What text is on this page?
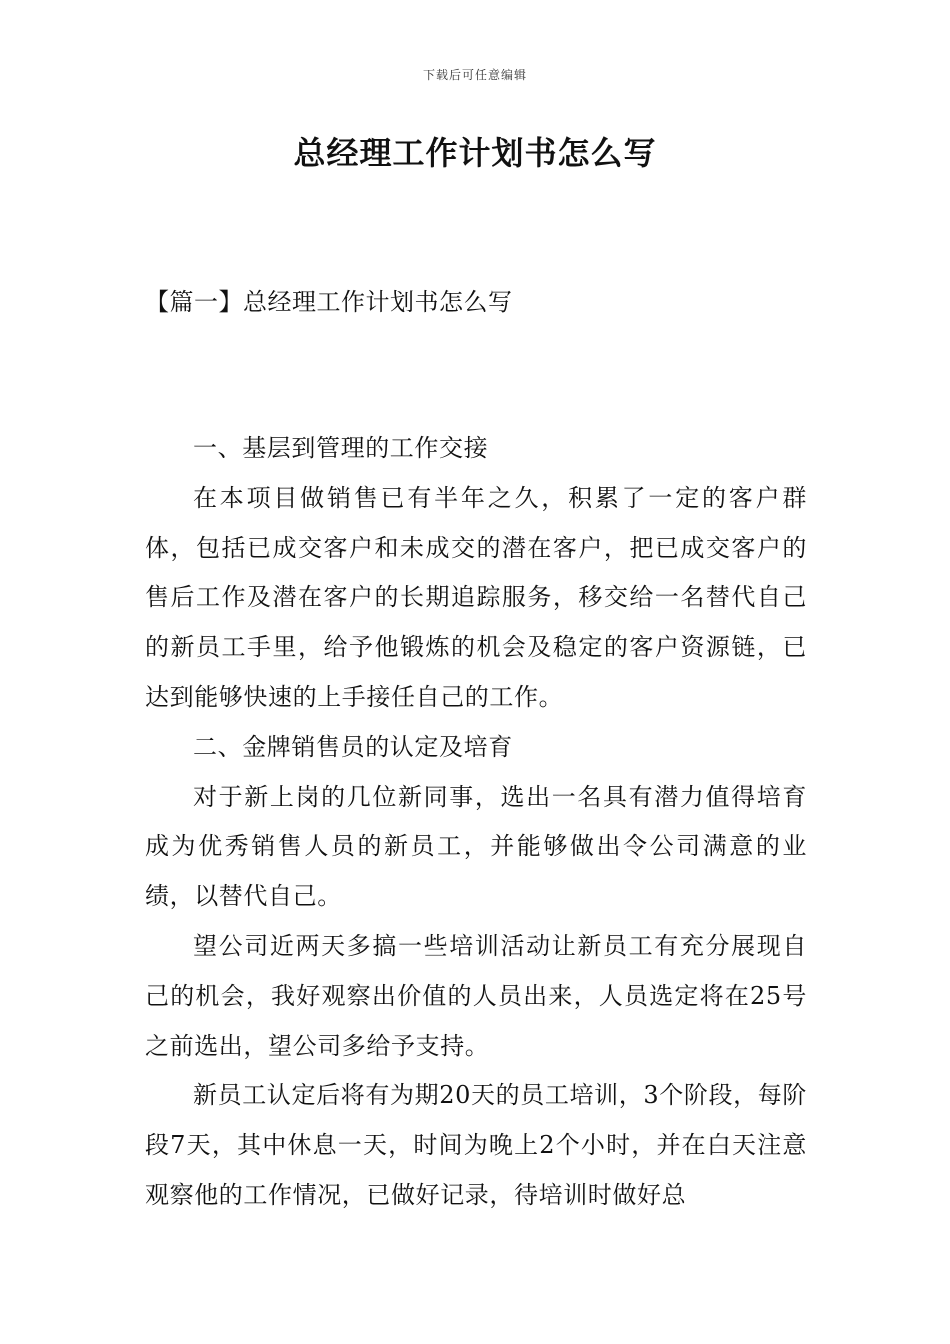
下载后可任意编辑
总经理工作计划书怎么写
【篇一】总经理工作计划书怎么写

一、基层到管理的工作交接

在本项目做销售已有半年之久，积累了一定的客户群体，包括已成交客户和未成交的潜在客户，把已成交客户的售后工作及潜在客户的长期追踪服务，移交给一名替代自己的新员工手里，给予他锻炼的机会及稳定的客户资源链，已达到能够快速的上手接任自己的工作。

二、金牌销售员的认定及培育

对于新上岗的几位新同事，选出一名具有潜力值得培育成为优秀销售人员的新员工，并能够做出令公司满意的业绩，以替代自己。

望公司近两天多搞一些培训活动让新员工有充分展现自己的机会，我好观察出价值的人员出来，人员选定将在25号之前选出，望公司多给予支持。

新员工认定后将有为期20天的员工培训，3个阶段，每阶段7天，其中休息一天，时间为晚上2个小时，并在白天注意观察他的工作情况，已做好记录，待培训时做好总
